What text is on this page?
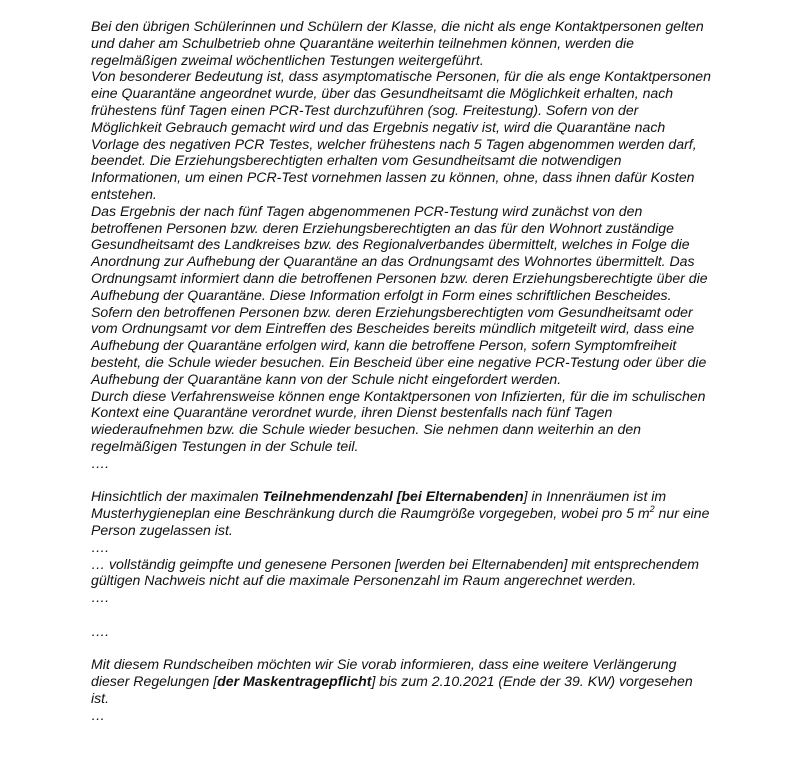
Bei den übrigen Schülerinnen und Schülern der Klasse, die nicht als enge Kontaktpersonen gelten und daher am Schulbetrieb ohne Quarantäne weiterhin teilnehmen können, werden die regelmäßigen zweimal wöchentlichen Testungen weitergeführt.

Von besonderer Bedeutung ist, dass asymptomatische Personen, für die als enge Kontaktpersonen eine Quarantäne angeordnet wurde, über das Gesundheitsamt die Möglichkeit erhalten, nach frühestens fünf Tagen einen PCR-Test durchzuführen (sog. Freitestung). Sofern von der Möglichkeit Gebrauch gemacht wird und das Ergebnis negativ ist, wird die Quarantäne nach Vorlage des negativen PCR Testes, welcher frühestens nach 5 Tagen abgenommen werden darf, beendet. Die Erziehungsberechtigten erhalten vom Gesundheitsamt die notwendigen Informationen, um einen PCR-Test vornehmen lassen zu können, ohne, dass ihnen dafür Kosten entstehen.

Das Ergebnis der nach fünf Tagen abgenommenen PCR-Testung wird zunächst von den betroffenen Personen bzw. deren Erziehungsberechtigten an das für den Wohnort zuständige Gesundheitsamt des Landkreises bzw. des Regionalverbandes übermittelt, welches in Folge die Anordnung zur Aufhebung der Quarantäne an das Ordnungsamt des Wohnortes übermittelt. Das Ordnungsamt informiert dann die betroffenen Personen bzw. deren Erziehungsberechtigte über die Aufhebung der Quarantäne. Diese Information erfolgt in Form eines schriftlichen Bescheides.

Sofern den betroffenen Personen bzw. deren Erziehungsberechtigten vom Gesundheitsamt oder vom Ordnungsamt vor dem Eintreffen des Bescheides bereits mündlich mitgeteilt wird, dass eine Aufhebung der Quarantäne erfolgen wird, kann die betroffene Person, sofern Symptomfreiheit besteht, die Schule wieder besuchen. Ein Bescheid über eine negative PCR-Testung oder über die Aufhebung der Quarantäne kann von der Schule nicht eingefordert werden.

Durch diese Verfahrensweise können enge Kontaktpersonen von Infizierten, für die im schulischen Kontext eine Quarantäne verordnet wurde, ihren Dienst bestenfalls nach fünf Tagen wiederaufnehmen bzw. die Schule wieder besuchen. Sie nehmen dann weiterhin an den regelmäßigen Testungen in der Schule teil.

….

Hinsichtlich der maximalen Teilnehmendenzahl [bei Elternabenden] in Innenräumen ist im Musterhygieneplan eine Beschränkung durch die Raumgröße vorgegeben, wobei pro 5 $m^2$ nur eine Person zugelassen ist.

….

… vollständig geimpfte und genesene Personen [werden bei Elternabenden] mit entsprechendem gültigen Nachweis nicht auf die maximale Personenzahl im Raum angerechnet werden.

….

….

Mit diesem Rundscheiben möchten wir Sie vorab informieren, dass eine weitere Verlängerung dieser Regelungen [der Maskentragepflicht] bis zum 2.10.2021 (Ende der 39. KW) vorgesehen ist.

…
